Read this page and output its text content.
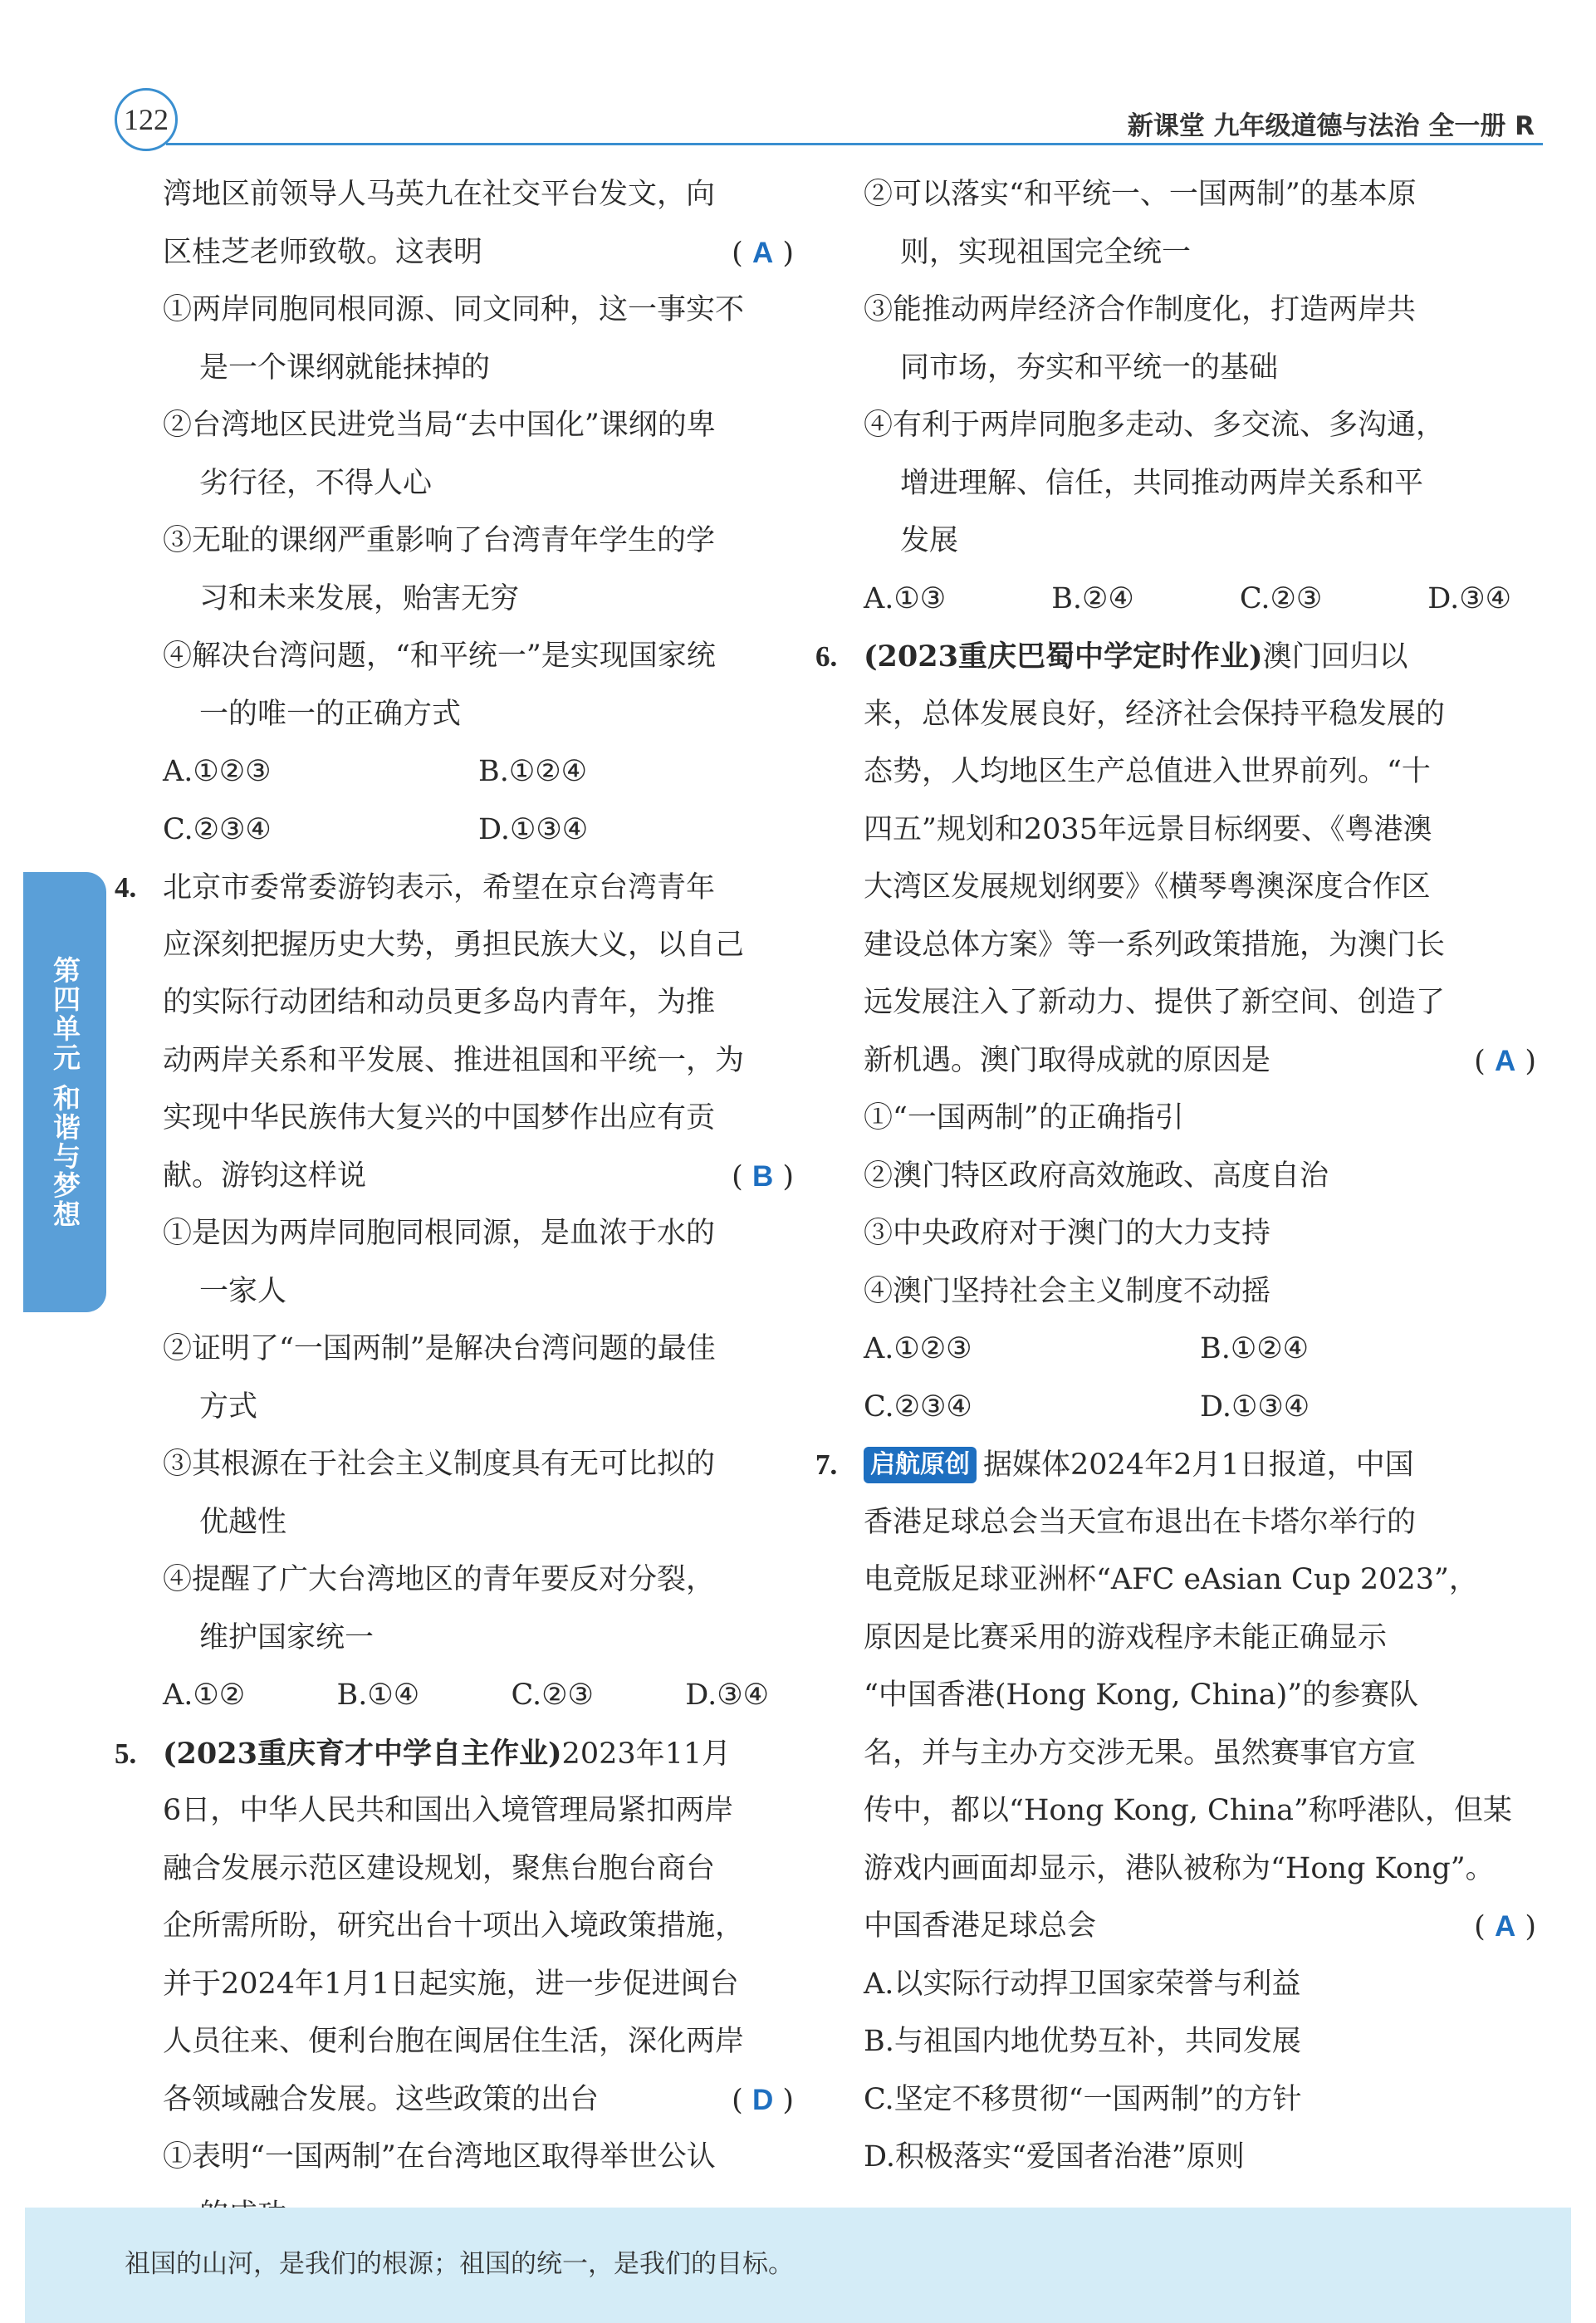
122	新课堂 九年级道德与法治 全一册 R
第四单元
和谐与梦想
湾地区前领导人马英九在社交平台发文，向
区桂芝老师致敬。这表明	( A )
①两岸同胞同根同源、同文同种，这一事实不
是一个课纲就能抹掉的
②台湾地区民进党当局“去中国化”课纲的卑
劣行径，不得人心
③无耻的课纲严重影响了台湾青年学生的学
习和未来发展，贻害无穷
④解决台湾问题，“和平统一”是实现国家统
一的唯一的正确方式
A.①②③	B.①②④
C.②③④	D.①③④
4. 北京市委常委游钧表示，希望在京台湾青年
应深刻把握历史大势，勇担民族大义，以自己
的实际行动团结和动员更多岛内青年，为推
动两岸关系和平发展、推进祖国和平统一，为
实现中华民族伟大复兴的中国梦作出应有贡
献。游钧这样说	( B )
①是因为两岸同胞同根同源，是血浓于水的
一家人
②证明了“一国两制”是解决台湾问题的最佳
方式
③其根源在于社会主义制度具有无可比拟的
优越性
④提醒了广大台湾地区的青年要反对分裂，
维护国家统一
A.①②	B.①④	C.②③	D.③④
5. (2023重庆育才中学自主作业)2023年11月
6日，中华人民共和国出入境管理局紧扣两岸
融合发展示范区建设规划，聚焦台胞台商台
企所需所盼，研究出台十项出入境政策措施，
并于2024年1月1日起实施，进一步促进闽台
人员往来、便利台胞在闽居住生活，深化两岸
各领域融合发展。这些政策的出台	( D )
①表明“一国两制”在台湾地区取得举世公认
②可以落实“和平统一、一国两制”的基本原
则，实现祖国完全统一
③能推动两岸经济合作制度化，打造两岸共
同市场，夯实和平统一的基础
④有利于两岸同胞多走动、多交流、多沟通，
增进理解、信任，共同推动两岸关系和平
发展
A.①③	B.②④	C.②③	D.③④
6. (2023重庆巴蜀中学定时作业)澳门回归以
来，总体发展良好，经济社会保持平稳发展的
态势，人均地区生产总值进入世界前列。“十
四五”规划和2035年远景目标纲要、《粤港澳
大湾区发展规划纲要》《横琴粤澳深度合作区
建设总体方案》等一系列政策措施，为澳门长
远发展注入了新动力、提供了新空间、创造了
新机遇。澳门取得成就的原因是	( A )
①“一国两制”的正确指引
②澳门特区政府高效施政、高度自治
③中央政府对于澳门的大力支持
④澳门坚持社会主义制度不动摇
A.①②③	B.①②④
C.②③④	D.①③④
7. 启航原创 据媒体2024年2月1日报道，中国
香港足球总会当天宣布退出在卡塔尔举行的
电竞版足球亚洲杯“AFC eAsian Cup 2023”，
原因是比赛采用的游戏程序未能正确显示
“中国香港(Hong Kong, China)”的参赛队
名，并与主办方交涉无果。虽然赛事官方宣
传中，都以“Hong Kong, China”称呼港队，但某
游戏内画面却显示，港队被称为“Hong Kong”。
中国香港足球总会	( A )
A.以实际行动捍卫国家荣誉与利益
B.与祖国内地优势互补，共同发展
C.坚定不移贯彻“一国两制”的方针
D.积极落实“爱国者治港”原则
祖国的山河，是我们的根源；祖国的统一，是我们的目标。
